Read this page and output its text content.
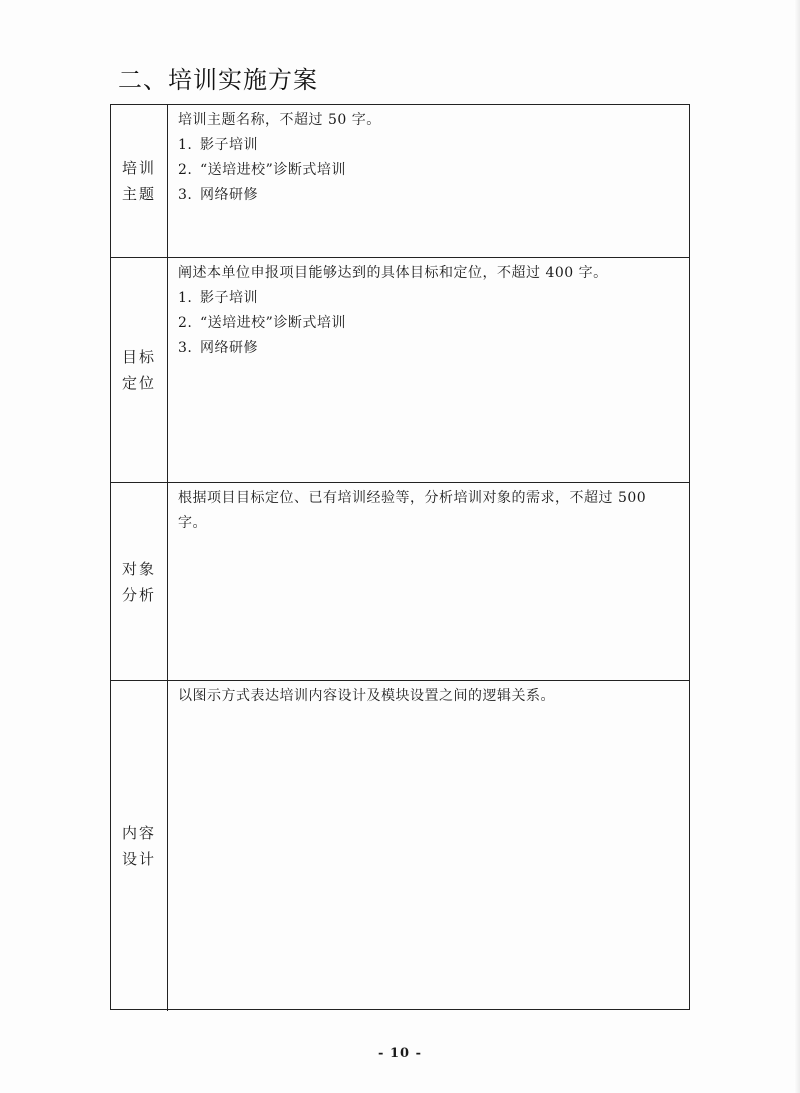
二、培训实施方案
培训
主题

培训主题名称，不超过 50 字。

1. 影子培训
2. “送培进校”诊断式培训
3. 网络研修
目标
定位

阐述本单位申报项目能够达到的具体目标和定位，不超过 400 字。

1. 影子培训
2. “送培进校”诊断式培训
3. 网络研修
对象
分析

根据项目目标定位、已有培训经验等，分析培训对象的需求，不超过 500 字。

内容
设计

以图示方式表达培训内容设计及模块设置之间的逻辑关系。

- 10 -
